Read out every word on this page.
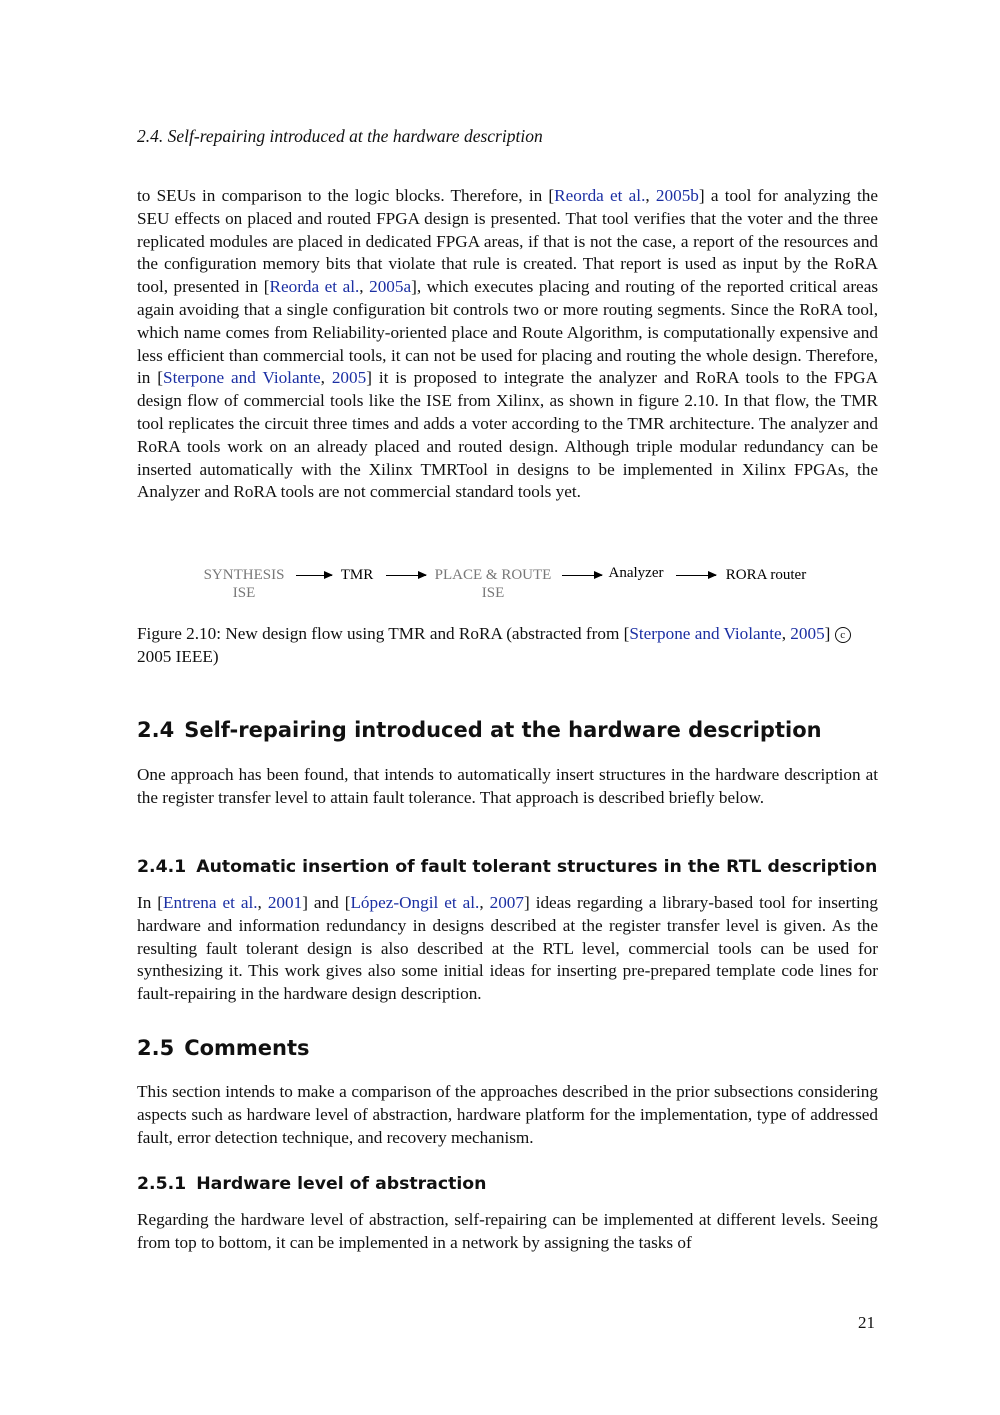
2.4. Self-repairing introduced at the hardware description

to SEUs in comparison to the logic blocks. Therefore, in [Reorda et al., 2005b] a tool for analyzing the SEU effects on placed and routed FPGA design is presented. That tool verifies that the voter and the three replicated modules are placed in dedicated FPGA areas, if that is not the case, a report of the resources and the configuration memory bits that violate that rule is created. That report is used as input by the RoRA tool, presented in [Reorda et al., 2005a], which executes placing and routing of the reported critical areas again avoiding that a single configuration bit controls two or more routing segments. Since the RoRA tool, which name comes from Reliability-oriented place and Route Algorithm, is computationally expensive and less efficient than commercial tools, it can not be used for placing and routing the whole design. Therefore, in [Sterpone and Violante, 2005] it is proposed to integrate the analyzer and RoRA tools to the FPGA design flow of commercial tools like the ISE from Xilinx, as shown in figure 2.10. In that flow, the TMR tool replicates the circuit three times and adds a voter according to the TMR architecture. The analyzer and RoRA tools work on an already placed and routed design. Although triple modular redundancy can be inserted automatically with the Xilinx TMRTool in designs to be implemented in Xilinx FPGAs, the Analyzer and RoRA tools are not commercial standard tools yet.

SYNTHESIS
ISE
TMR	PLACE & ROUTE
ISE
Analyzer	RORA router
Figure 2.10: New design flow using TMR and RoRA (abstracted from [Sterpone and Violante, 2005] c2005 IEEE)
2.4 Self-repairing introduced at the hardware description

One approach has been found, that intends to automatically insert structures in the hardware description at the register transfer level to attain fault tolerance. That approach is described briefly below.

2.4.1 Automatic insertion of fault tolerant structures in the RTL description

In [Entrena et al., 2001] and [López-Ongil et al., 2007] ideas regarding a library-based tool for inserting hardware and information redundancy in designs described at the register transfer level is given. As the resulting fault tolerant design is also described at the RTL level, commercial tools can be used for synthesizing it. This work gives also some initial ideas for inserting pre-prepared template code lines for fault-repairing in the hardware design description.

2.5 Comments

This section intends to make a comparison of the approaches described in the prior subsections considering aspects such as hardware level of abstraction, hardware platform for the implementation, type of addressed fault, error detection technique, and recovery mechanism.

2.5.1 Hardware level of abstraction

Regarding the hardware level of abstraction, self-repairing can be implemented at different levels. Seeing from top to bottom, it can be implemented in a network by assigning the tasks of

21
